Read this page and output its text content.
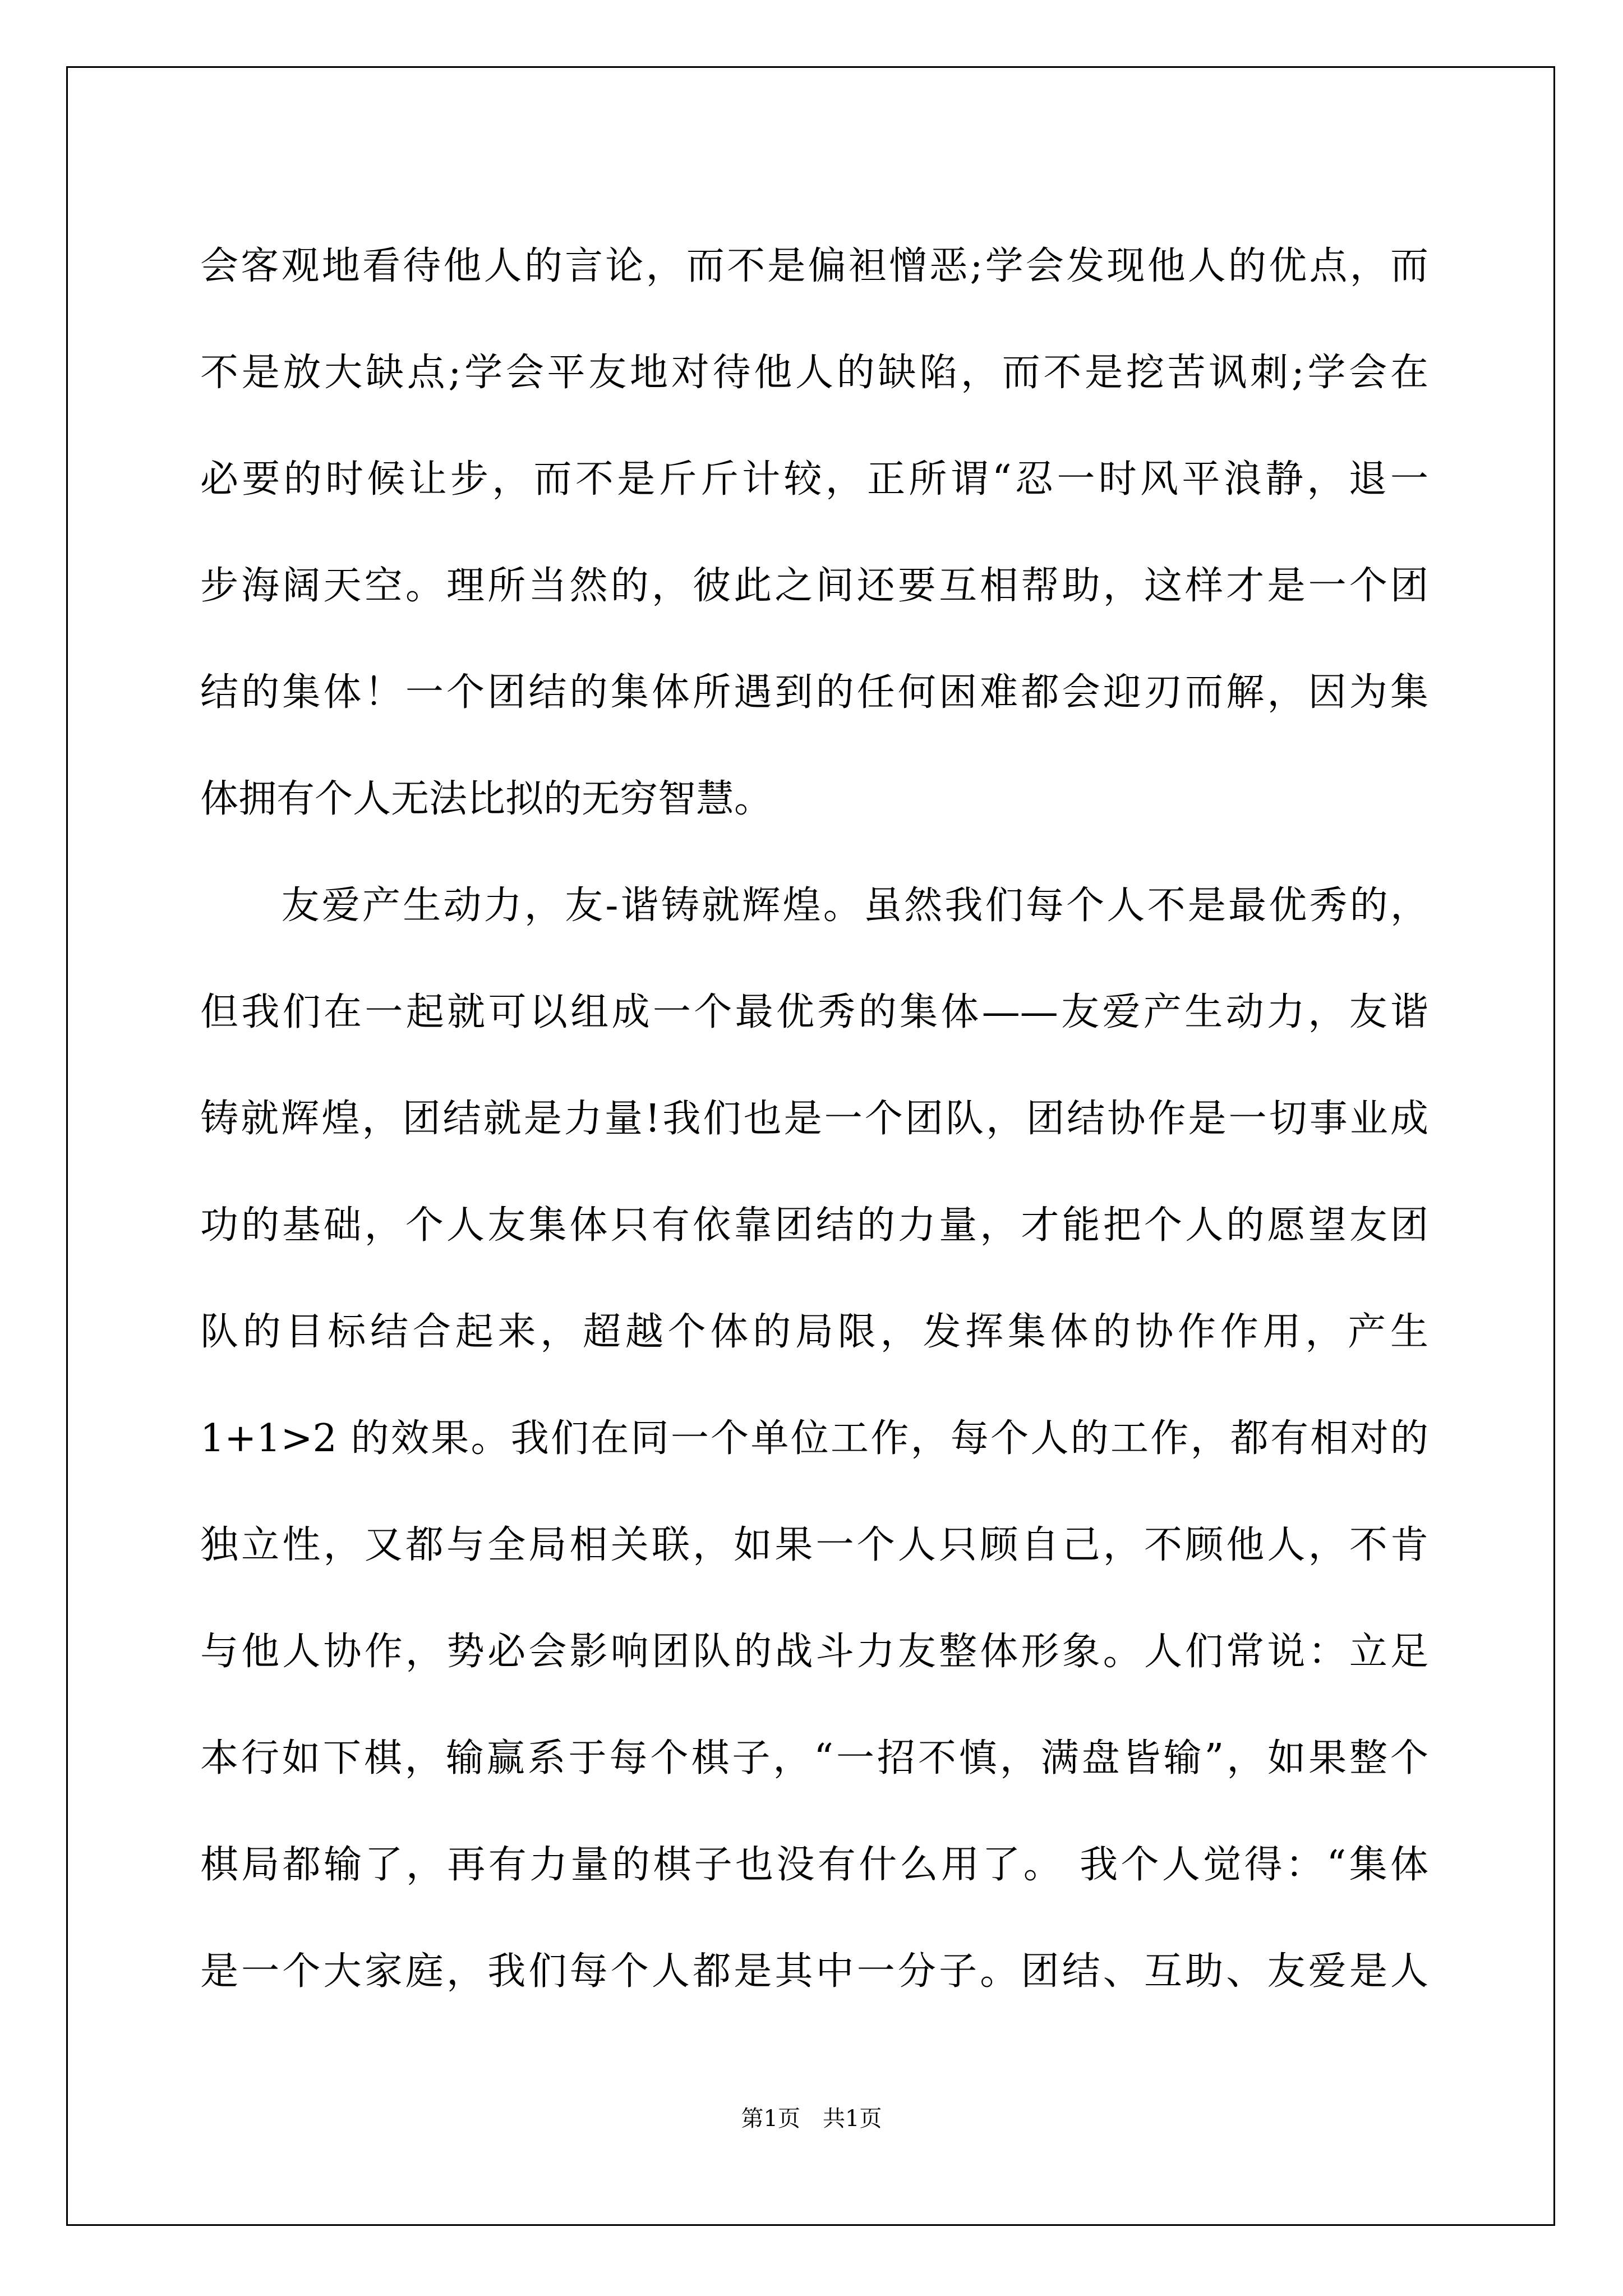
会客观地看待他人的言论，而不是偏袒憎恶;学会发现他人的优点，而
不是放大缺点;学会平友地对待他人的缺陷，而不是挖苦讽刺;学会在
必要的时候让步，而不是斤斤计较，正所谓“忍一时风平浪静，退一
步海阔天空。理所当然的，彼此之间还要互相帮助，这样才是一个团
结的集体！一个团结的集体所遇到的任何困难都会迎刃而解，因为集
体拥有个人无法比拟的无穷智慧。
　　友爱产生动力，友-谐铸就辉煌。虽然我们每个人不是最优秀的，
但我们在一起就可以组成一个最优秀的集体——友爱产生动力，友谐
铸就辉煌，团结就是力量!我们也是一个团队，团结协作是一切事业成
功的基础，个人友集体只有依靠团结的力量，才能把个人的愿望友团
队的目标结合起来，超越个体的局限，发挥集体的协作作用，产生
1+1>2 的效果。我们在同一个单位工作，每个人的工作，都有相对的
独立性，又都与全局相关联，如果一个人只顾自己，不顾他人，不肯
与他人协作，势必会影响团队的战斗力友整体形象。人们常说：立足
本行如下棋，输赢系于每个棋子，“一招不慎，满盘皆输”，如果整个
棋局都输了，再有力量的棋子也没有什么用了。 我个人觉得：“集体
是一个大家庭，我们每个人都是其中一分子。团结、互助、友爱是人
第1页 共1页
